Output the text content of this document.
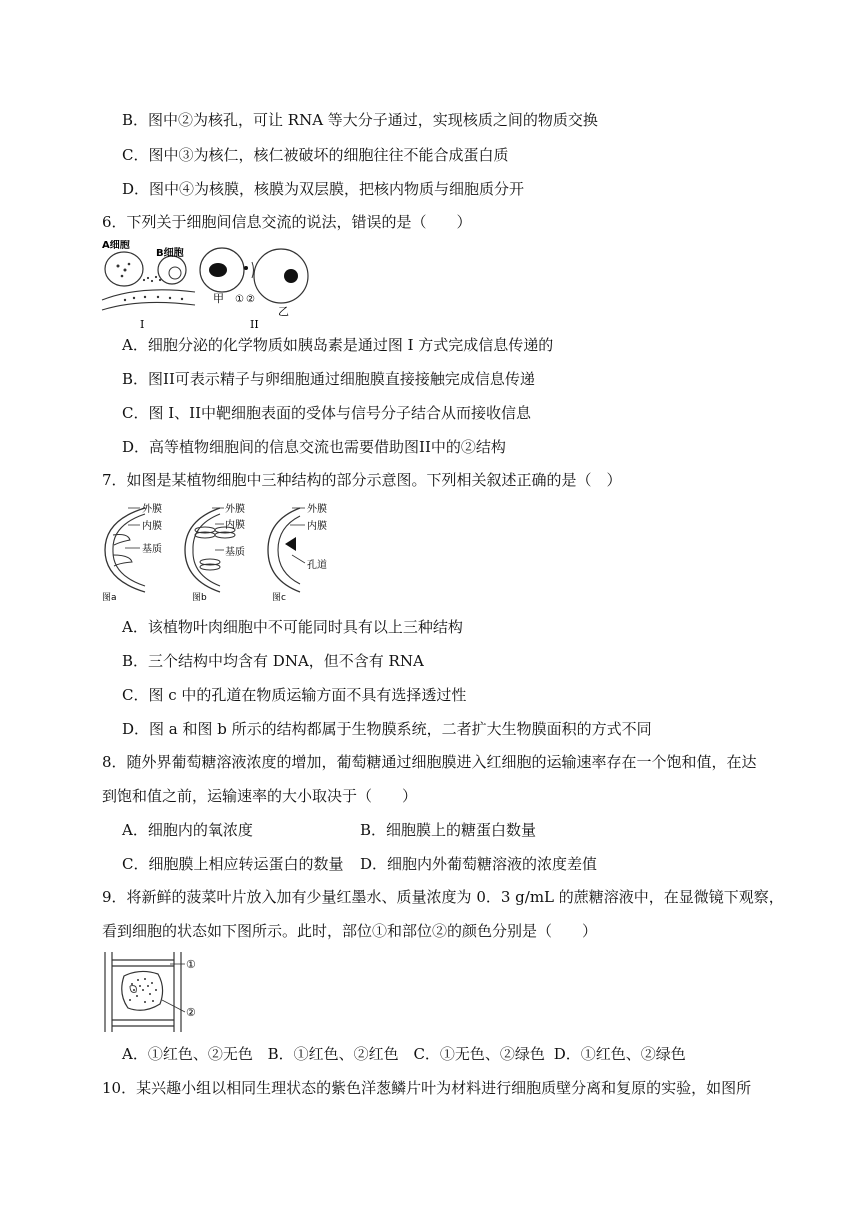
B．图中②为核孔，可让 RNA 等大分子通过，实现核质之间的物质交换
C．图中③为核仁，核仁被破坏的细胞往往不能合成蛋白质
D．图中④为核膜，核膜为双层膜，把核内物质与细胞质分开
6．下列关于细胞间信息交流的说法，错误的是（　　）
A细胞
B细胞
I
甲 ① ②
乙
II
A．细胞分泌的化学物质如胰岛素是通过图 I 方式完成信息传递的
B．图II可表示精子与卵细胞通过细胞膜直接接触完成信息传递
C．图 I、II中靶细胞表面的受体与信号分子结合从而接收信息
D．高等植物细胞间的信息交流也需要借助图II中的②结构
7．如图是某植物细胞中三种结构的部分示意图。下列相关叙述正确的是（　）
外膜
内膜
基质
图a
外膜
内膜
基质
图b
外膜
内膜
孔道
图c
A．该植物叶肉细胞中不可能同时具有以上三种结构
B．三个结构中均含有 DNA，但不含有 RNA
C．图 c 中的孔道在物质运输方面不具有选择透过性
D．图 a 和图 b 所示的结构都属于生物膜系统，二者扩大生物膜面积的方式不同
8．随外界葡萄糖溶液浓度的增加，葡萄糖通过细胞膜进入红细胞的运输速率存在一个饱和值，在达
到饱和值之前，运输速率的大小取决于（　　）
A．细胞内的氧浓度	B．细胞膜上的糖蛋白数量
C．细胞膜上相应转运蛋白的数量 D．细胞内外葡萄糖溶液的浓度差值
9．将新鲜的菠菜叶片放入加有少量红墨水、质量浓度为 0．3 g/mL 的蔗糖溶液中，在显微镜下观察，
看到细胞的状态如下图所示。此时，部位①和部位②的颜色分别是（　　）
①
②
A．①红色、②无色 B．①红色、②红色 C．①无色、②绿色 D．①红色、②绿色
10．某兴趣小组以相同生理状态的紫色洋葱鳞片叶为材料进行细胞质壁分离和复原的实验，如图所
